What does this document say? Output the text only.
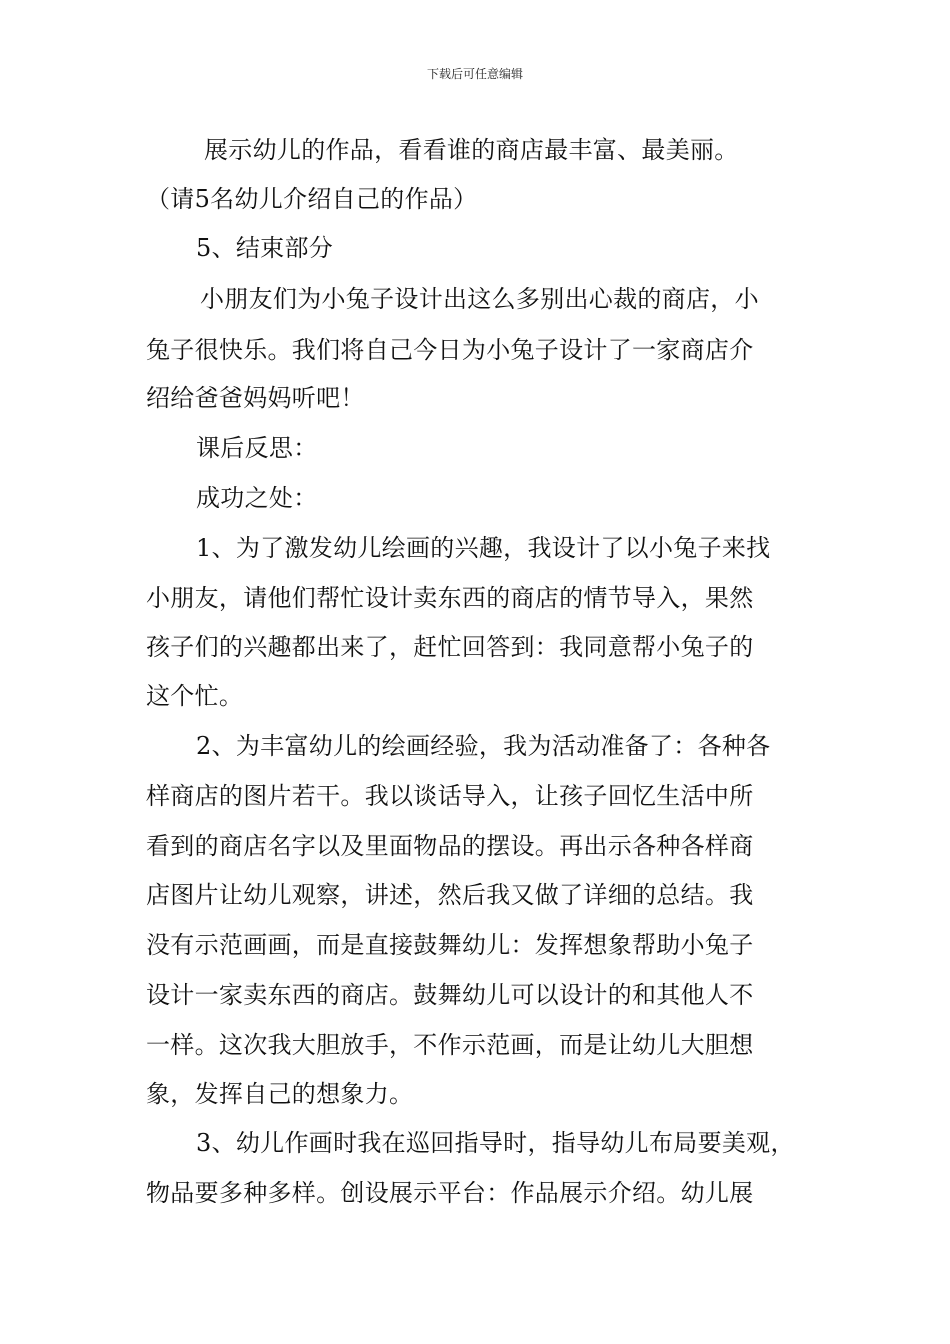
下载后可任意编辑
展示幼儿的作品，看看谁的商店最丰富、最美丽。
（请5名幼儿介绍自己的作品）
5、结束部分
小朋友们为小兔子设计出这么多别出心裁的商店，小
兔子很快乐。我们将自己今日为小兔子设计了一家商店介
绍给爸爸妈妈听吧！
课后反思：
成功之处：
1、为了激发幼儿绘画的兴趣，我设计了以小兔子来找
小朋友，请他们帮忙设计卖东西的商店的情节导入，果然
孩子们的兴趣都出来了，赶忙回答到：我同意帮小兔子的
这个忙。
2、为丰富幼儿的绘画经验，我为活动准备了：各种各
样商店的图片若干。我以谈话导入，让孩子回忆生活中所
看到的商店名字以及里面物品的摆设。再出示各种各样商
店图片让幼儿观察，讲述，然后我又做了详细的总结。我
没有示范画画，而是直接鼓舞幼儿：发挥想象帮助小兔子
设计一家卖东西的商店。鼓舞幼儿可以设计的和其他人不
一样。这次我大胆放手，不作示范画，而是让幼儿大胆想
象，发挥自己的想象力。
3、幼儿作画时我在巡回指导时，指导幼儿布局要美观，
物品要多种多样。创设展示平台：作品展示介绍。幼儿展
